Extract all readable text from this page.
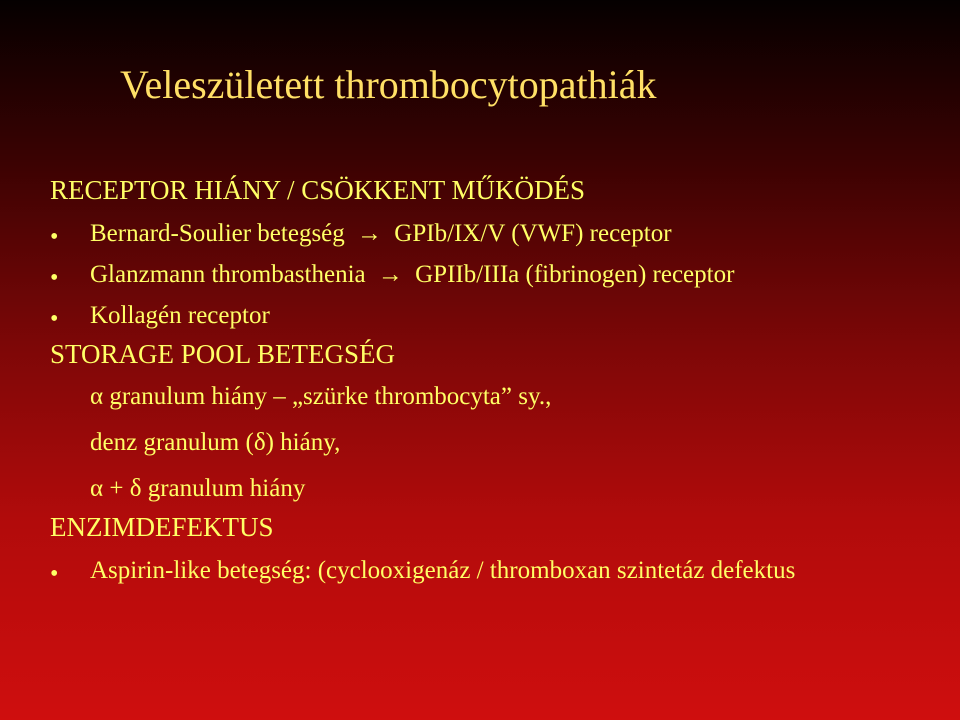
Veleszületett thrombocytopathiák
RECEPTOR HIÁNY / CSÖKKENT MŰKÖDÉS
• Bernard-Soulier betegség → GPIb/IX/V (VWF) receptor
• Glanzmann thrombasthenia → GPIIb/IIIa (fibrinogen) receptor
• Kollagén receptor
STORAGE POOL BETEGSÉG
α granulum hiány – „szürke thrombocyta” sy.,
denz granulum (δ) hiány,
α + δ granulum hiány
ENZIMDEFEKTUS
• Aspirin-like betegség: (cyclooxigenáz / thromboxan szintetáz defektus
